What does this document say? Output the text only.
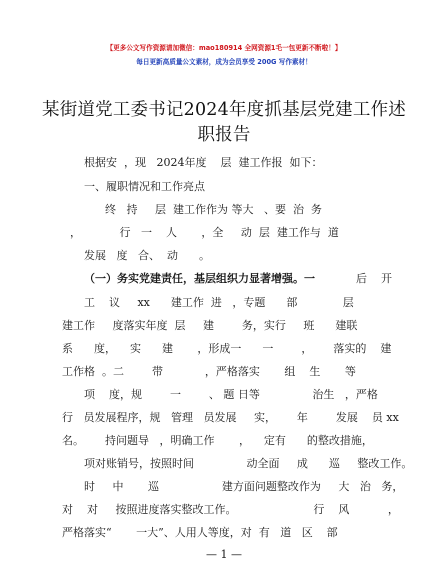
【更多公文写作资源请加微信：mao180914 全网资源1毛一包更新不断啦！】
每日更新高质量公文素材，成为会员享受 200G 写作素材！
某街道党工委书记2024年度抓基层党建工作述
职报告
根据安  ，现   2024年度    层  建工作报  如下：
一、履职情况和工作亮点
终   持     层  建工作作为 等大   、要  治  务
，           行   一    人       ，全     动  层  建工作与  道
发展   度   合、  动      。
（一）务实党建责任，基层组织力显著增强。一	后    开
工    议     xx      建工作  进   ，专题      部             层
建工作     度落实年度  层     建        务，实行     班      建联
系      度，    实      建       ，形成一      一        ，      落实的    建
工作格  。二        带            ，严格落实       组    生       等
项    度，规        一        、 题 日等               治生   ，严格
行   员发展程序，规   管理   员发展     实，      年        发展    员 xx
名。      持问题导   ，明确工作       ，    定有      的整改措施，
项对账销号，按照时间               动全面     成      巡     整改工作。
时     中       巡                  建方面问题整改作为     大   治   务，
对    对     按照进度落实整改工作。                      行    风           ，
严格落实“       一大”、人用人等度，对  有   道   区    部
— 1 —
